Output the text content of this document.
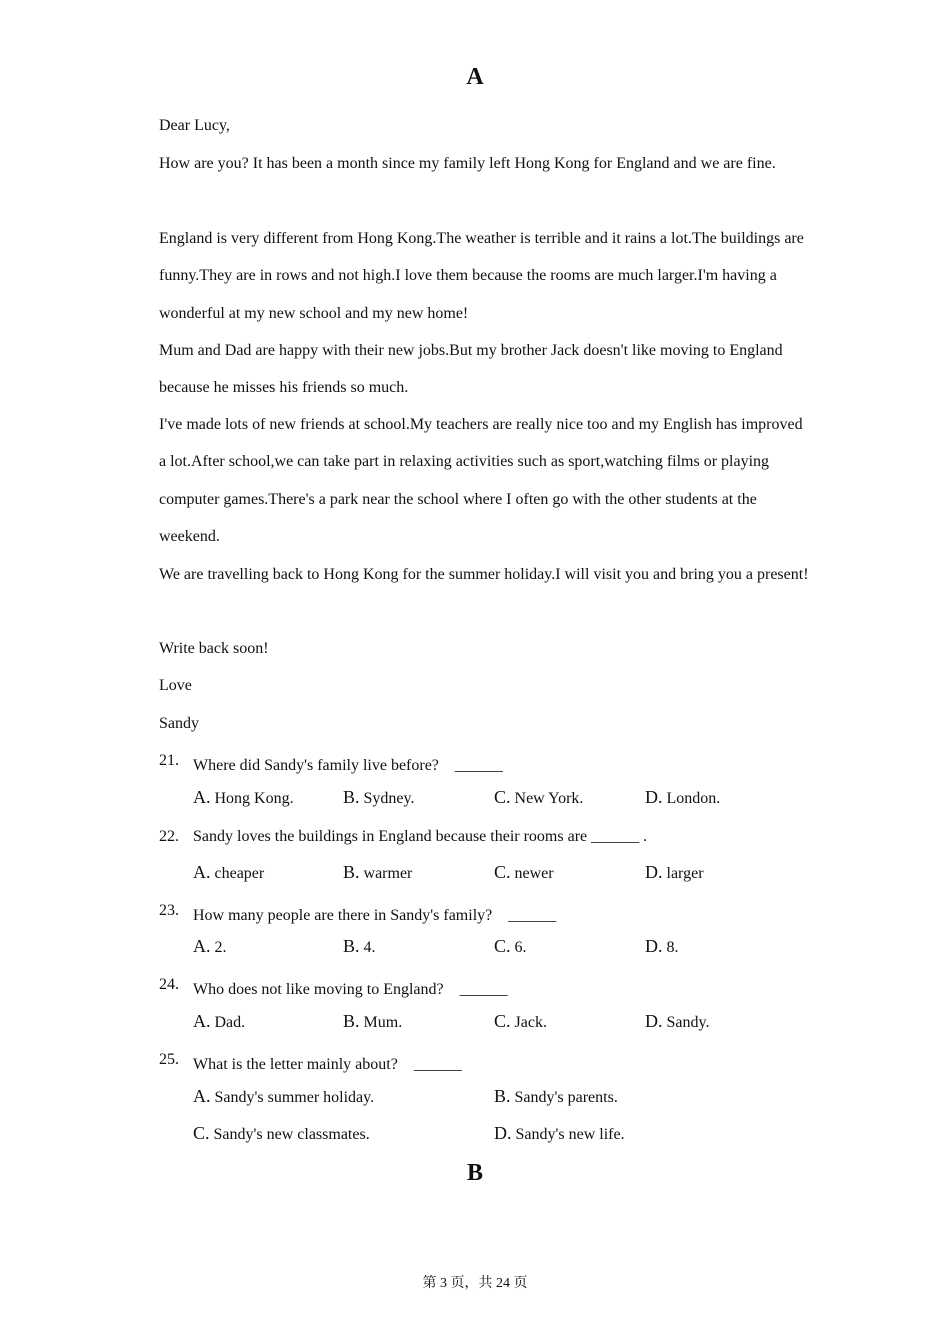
A
Dear Lucy,

How are you? It has been a month since my family left Hong Kong for England and we are fine.

England is very different from Hong Kong.The weather is terrible and it rains a lot.The buildings are funny.They are in rows and not high.I love them because the rooms are much larger.I'm having a wonderful at my new school and my new home!

Mum and Dad are happy with their new jobs.But my brother Jack doesn't like moving to England because he misses his friends so much.

I've made lots of new friends at school.My teachers are really nice too and my English has improved a lot.After school,we can take part in relaxing activities such as sport,watching films or playing computer games.There's a park near the school where I often go with the other students at the weekend.

We are travelling back to Hong Kong for the summer holiday.I will visit you and bring you a present!

Write back soon!
Love
Sandy
21. Where did Sandy's family live before?　______
A. Hong Kong.	B. Sydney.	C. New York.	D. London.
22. Sandy loves the buildings in England because their rooms are ______ .
A. cheaper	B. warmer	C. newer	D. larger
23. How many people are there in Sandy's family?　______
A. 2.	B. 4.	C. 6.	D. 8.
24. Who does not like moving to England?　______
A. Dad.	B. Mum.	C. Jack.	D. Sandy.
25. What is the letter mainly about?　______
A. Sandy's summer holiday.	B. Sandy's parents.
C. Sandy's new classmates.	D. Sandy's new life.
B
第 3 页，共 24 页
